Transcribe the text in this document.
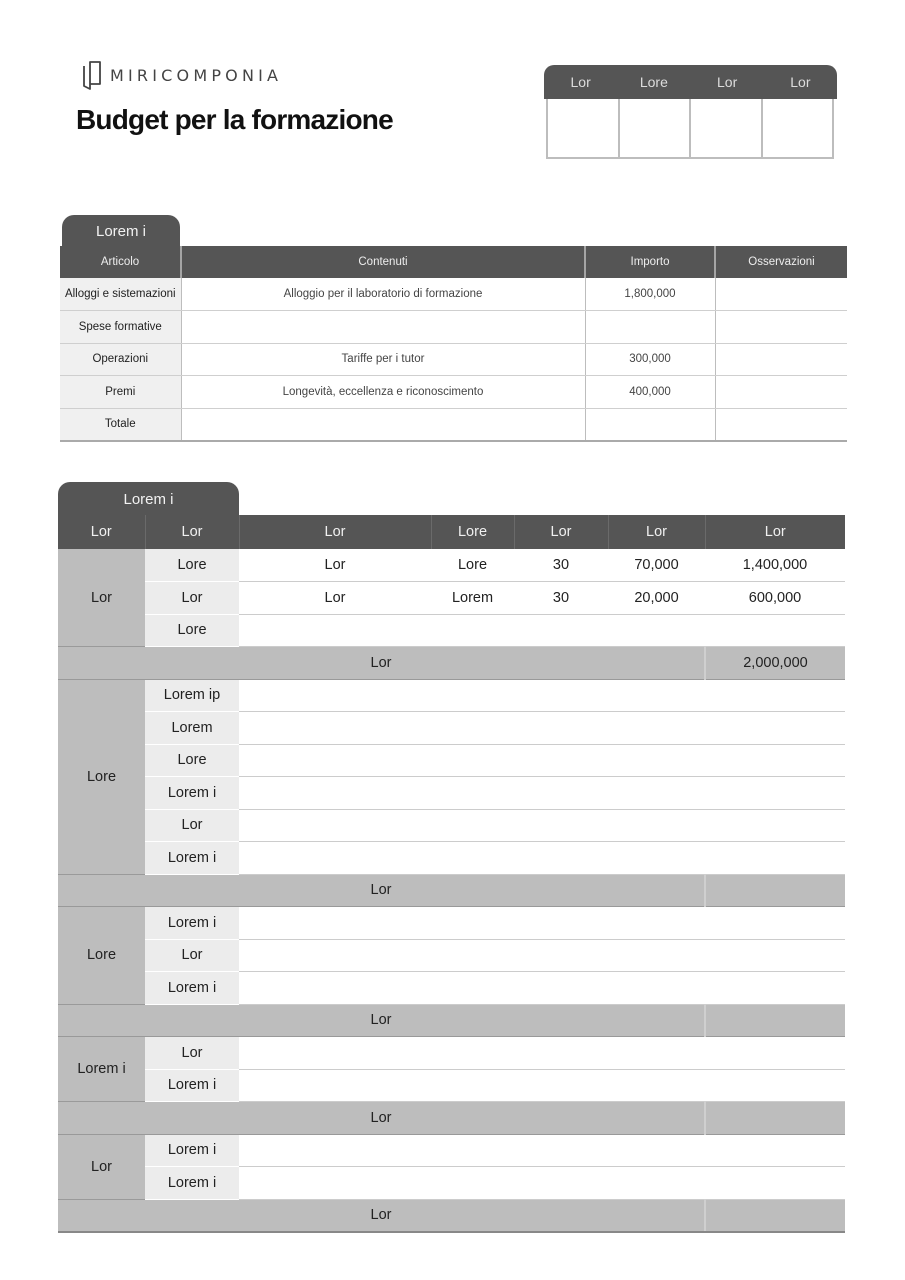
MIRICOMPONIA
Budget per la formazione
Lor	Lore	Lor	Lor
Lorem i
Articolo	Contenuti	Importo	Osservazioni
Alloggi e sistemazioni	Alloggio per il laboratorio di formazione	1,800,000	
Spese formative			
Operazioni	Tariffe per i tutor	300,000	
Premi	Longevità, eccellenza e riconoscimento	400,000	
Totale			
Lorem i
Lor	Lor	Lor	Lore	Lor	Lor	Lor
Lor	Lore	Lor	Lore	30	70,000	1,400,000
	Lor	Lor	Lorem	30	20,000	600,000
	Lore					
Lor						2,000,000
Lore	Lorem ip					
	Lorem					
	Lore					
	Lorem i					
	Lor					
	Lorem i					
Lor						
Lore	Lorem i					
	Lor					
	Lorem i					
Lor						
Lorem i	Lor					
	Lorem i					
Lor						
Lor	Lorem i					
	Lorem i					
Lor						
